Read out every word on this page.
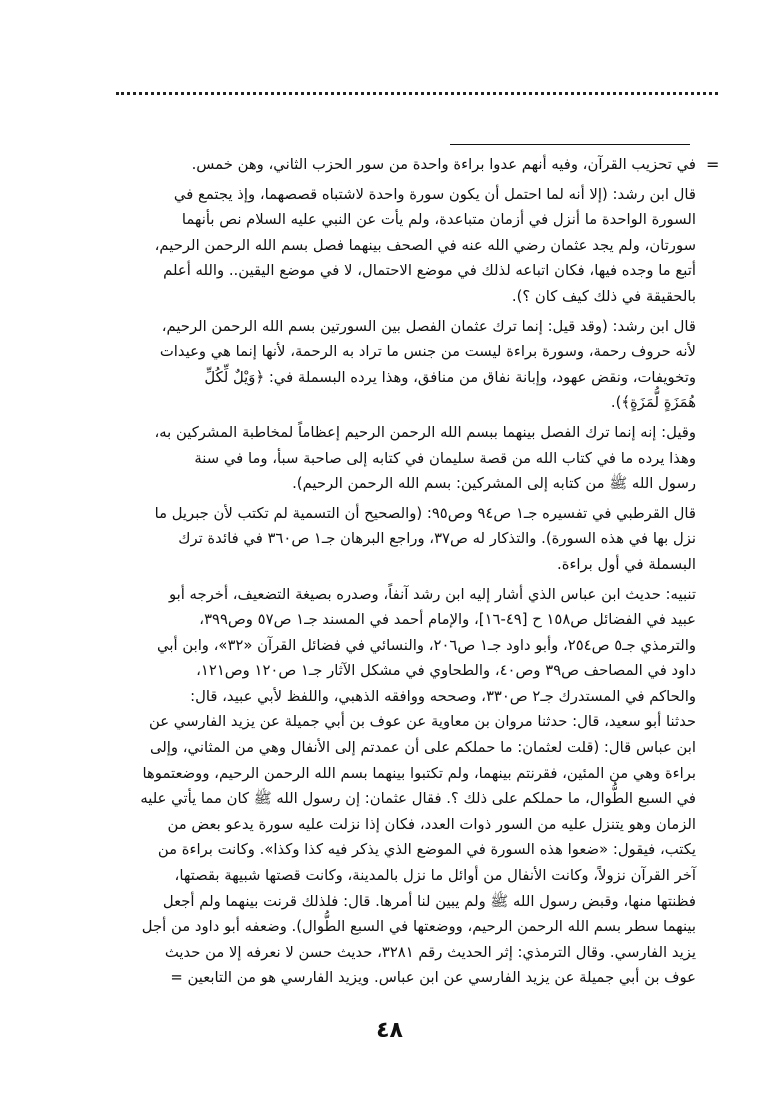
=
في تحزيب القرآن، وفيه أنهم عدوا براءة واحدة من سور الحزب الثاني، وهن خمس.
قال ابن رشد: (إلا أنه لما احتمل أن يكون سورة واحدة لاشتباه قصصهما، وإذ يجتمع في
السورة الواحدة ما أنزل في أزمان متباعدة، ولم يأت عن النبي عليه السلام نص بأنهما
سورتان، ولم يجد عثمان رضي الله عنه في الصحف بينهما فصل بسم الله الرحمن الرحيم،
أتبع ما وجده فيها، فكان اتباعه لذلك في موضع الاحتمال، لا في موضع اليقين.. والله أعلم
بالحقيقة في ذلك كيف كان ؟).
قال ابن رشد: (وقد قيل: إنما ترك عثمان الفصل بين السورتين بسم الله الرحمن الرحيم،
لأنه حروف رحمة، وسورة براءة ليست من جنس ما تراد به الرحمة، لأنها إنما هي وعيدات
وتخويفات، ونقض عهود، وإبانة نفاق من منافق، وهذا يرده البسملة في: ﴿وَيْلٌ لِّكُلِّ
هُمَزَةٍ لُّمَزَةٍ﴾).
وقيل: إنه إنما ترك الفصل بينهما ببسم الله الرحمن الرحيم إعظاماً لمخاطبة المشركين به،
وهذا يرده ما في كتاب الله من قصة سليمان في كتابه إلى صاحبة سبأ، وما في سنة
رسول الله ﷺ من كتابه إلى المشركين: بسم الله الرحمن الرحيم).
قال القرطبي في تفسيره جـ١ ص٩٤ وص٩٥: (والصحيح أن التسمية لم تكتب لأن جبريل ما
نزل بها في هذه السورة). والتذكار له ص٣٧، وراجع البرهان جـ١ ص٣٦٠ في فائدة ترك
البسملة في أول براءة.
تنبيه: حديث ابن عباس الذي أشار إليه ابن رشد آنفاً، وصدره بصيغة التضعيف، أخرجه أبو
عبيد في الفضائل ص١٥٨ ح [٤٩-١٦]، والإمام أحمد في المسند جـ١ ص٥٧ وص٣٩٩،
والترمذي جـ٥ ص٢٥٤، وأبو داود جـ١ ص٢٠٦، والنسائي في فضائل القرآن «٣٢»، وابن أبي
داود في المصاحف ص٣٩ وص٤٠، والطحاوي في مشكل الآثار جـ١ ص١٢٠ وص١٢١،
والحاكم في المستدرك جـ٢ ص٣٣٠، وصححه ووافقه الذهبي، واللفظ لأبي عبيد، قال:
حدثنا أبو سعيد، قال: حدثنا مروان بن معاوية عن عوف بن أبي جميلة عن يزيد الفارسي عن
ابن عباس قال: (قلت لعثمان: ما حملكم على أن عمدتم إلى الأنفال وهي من المثاني، وإلى
براءة وهي من المئين، فقرنتم بينهما، ولم تكتبوا بينهما بسم الله الرحمن الرحيم، ووضعتموها
في السبع الطُّوال، ما حملكم على ذلك ؟. فقال عثمان: إن رسول الله ﷺ كان مما يأتي عليه
الزمان وهو يتنزل عليه من السور ذوات العدد، فكان إذا نزلت عليه سورة يدعو بعض من
يكتب، فيقول: «ضعوا هذه السورة في الموضع الذي يذكر فيه كذا وكذا». وكانت براءة من
آخر القرآن نزولاً، وكانت الأنفال من أوائل ما نزل بالمدينة، وكانت قصتها شبيهة بقصتها،
فظنتها منها، وقبض رسول الله ﷺ ولم يبين لنا أمرها. قال: فلذلك قرنت بينهما ولم أجعل
بينهما سطر بسم الله الرحمن الرحيم، ووضعتها في السبع الطُّوال). وضعفه أبو داود من أجل
يزيد الفارسي. وقال الترمذي: إثر الحديث رقم ٣٢٨١، حديث حسن لا نعرفه إلا من حديث
عوف بن أبي جميلة عن يزيد الفارسي عن ابن عباس. ويزيد الفارسي هو من التابعين =
٤٨
